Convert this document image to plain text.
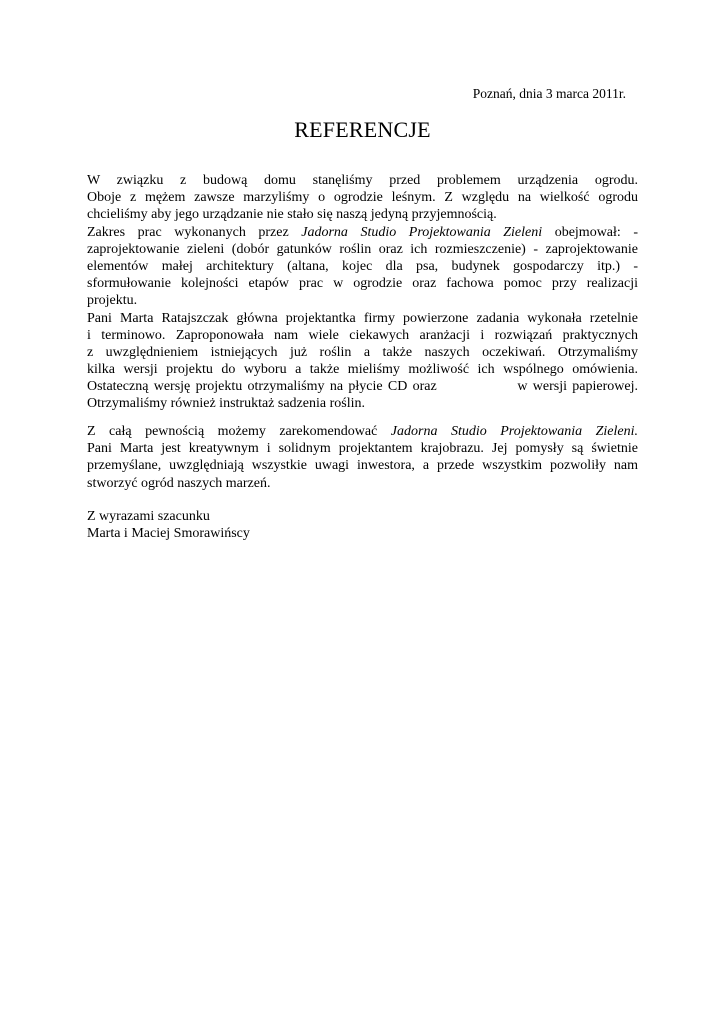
Poznań, dnia 3 marca 2011r.
REFERENCJE
W związku z budową domu stanęliśmy przed problemem urządzenia ogrodu.
Oboje z mężem zawsze marzyliśmy o ogrodzie leśnym. Z względu na wielkość ogrodu
chcieliśmy aby jego urządzanie nie stało się naszą jedyną przyjemnością.
Zakres prac wykonanych przez Jadorna Studio Projektowania Zieleni obejmował: -
zaprojektowanie zieleni (dobór gatunków roślin oraz ich rozmieszczenie) - zaprojektowanie
elementów małej architektury (altana, kojec dla psa, budynek gospodarczy itp.) -
sformułowanie kolejności etapów prac w ogrodzie oraz fachowa pomoc przy realizacji
projektu.
Pani Marta Ratajszczak główna projektantka firmy powierzone zadania wykonała rzetelnie
i terminowo. Zaproponowała nam wiele ciekawych aranżacji i rozwiązań praktycznych
z uwzględnieniem istniejących już roślin a także naszych oczekiwań. Otrzymaliśmy
kilka wersji projektu do wyboru a także mieliśmy możliwość ich wspólnego omówienia.
Ostateczną wersję projektu otrzymaliśmy na płycie CD oraz	w wersji papierowej.
Otrzymaliśmy również instruktaż sadzenia roślin.
Z całą pewnością możemy zarekomendować Jadorna Studio Projektowania Zieleni.
Pani Marta jest kreatywnym i solidnym projektantem krajobrazu. Jej pomysły są świetnie
przemyślane, uwzględniają wszystkie uwagi inwestora, a przede wszystkim pozwoliły nam
stworzyć ogród naszych marzeń.
Z wyrazami szacunku
Marta i Maciej Smorawińscy
